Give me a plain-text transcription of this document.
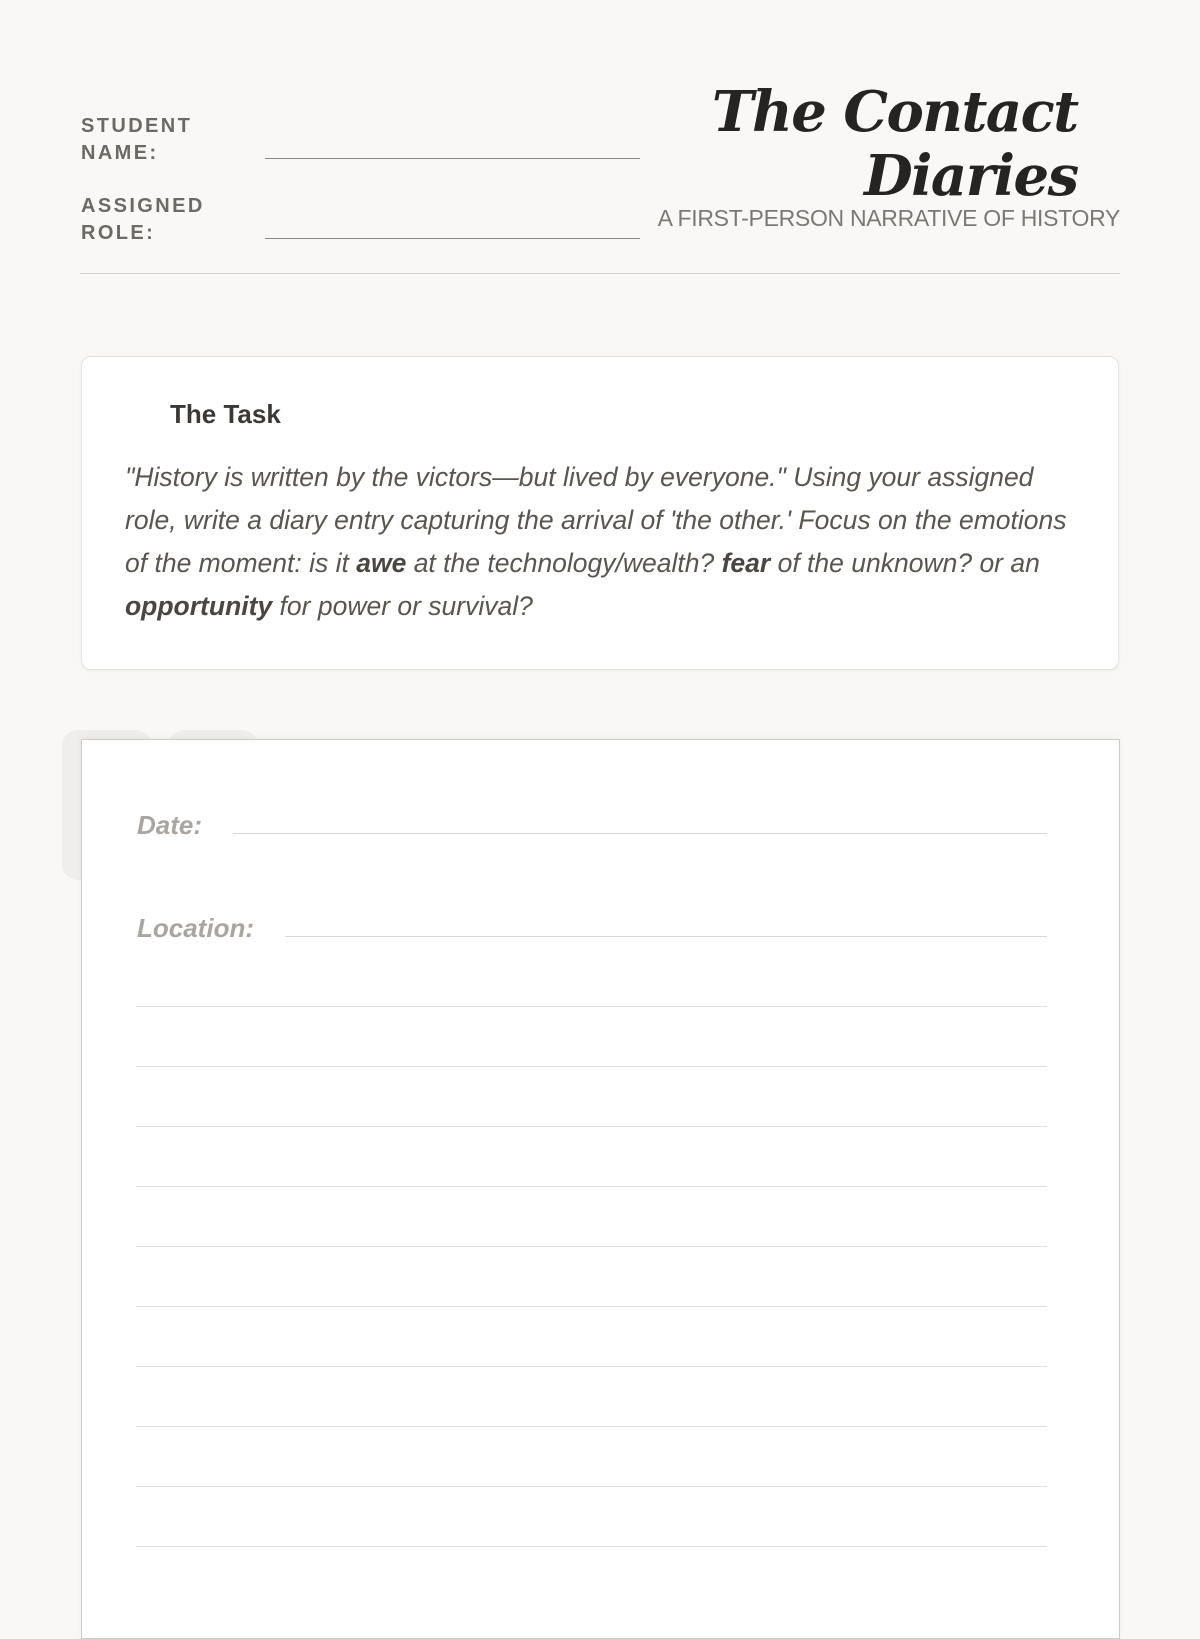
STUDENT NAME:

ASSIGNED ROLE:

The Contact Diaries

A FIRST-PERSON NARRATIVE OF HISTORY

The Task

"History is written by the victors—but lived by everyone." Using your assigned role, write a diary entry capturing the arrival of 'the other.' Focus on the emotions of the moment: is it awe at the technology/wealth? fear of the unknown? or an opportunity for power or survival?

Date:

Location:
